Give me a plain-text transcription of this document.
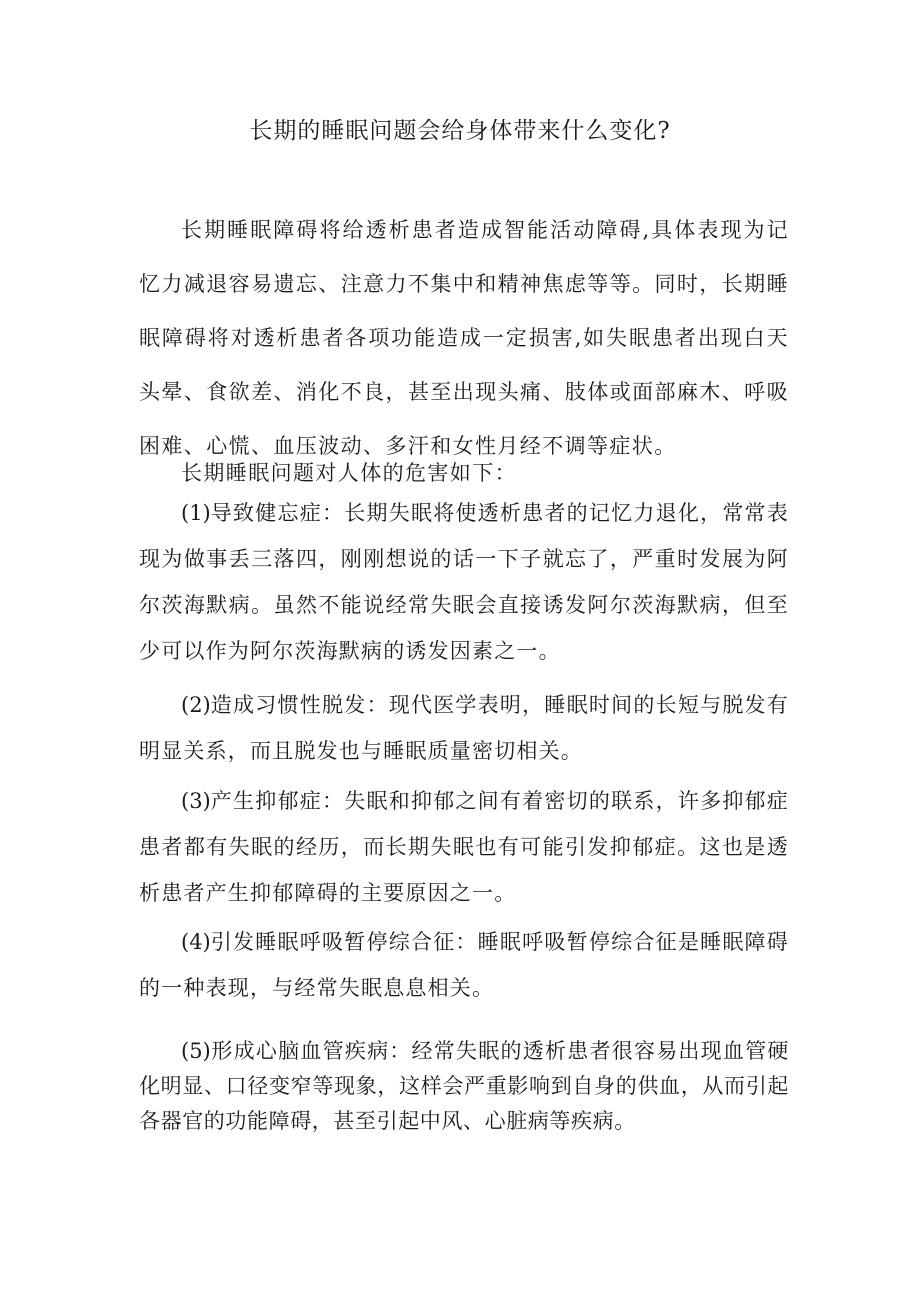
长期的睡眠问题会给身体带来什么变化?

长期睡眠障碍将给透析患者造成智能活动障碍,具体表现为记忆力减退容易遗忘、注意力不集中和精神焦虑等等。同时，长期睡眠障碍将对透析患者各项功能造成一定损害,如失眠患者出现白天头晕、食欲差、消化不良，甚至出现头痛、肢体或面部麻木、呼吸困难、心慌、血压波动、多汗和女性月经不调等症状。

长期睡眠问题对人体的危害如下：

(1)导致健忘症：长期失眠将使透析患者的记忆力退化，常常表现为做事丢三落四，刚刚想说的话一下子就忘了，严重时发展为阿尔茨海默病。虽然不能说经常失眠会直接诱发阿尔茨海默病，但至少可以作为阿尔茨海默病的诱发因素之一。

(2)造成习惯性脱发：现代医学表明，睡眠时间的长短与脱发有明显关系，而且脱发也与睡眠质量密切相关。

(3)产生抑郁症：失眠和抑郁之间有着密切的联系，许多抑郁症患者都有失眠的经历，而长期失眠也有可能引发抑郁症。这也是透析患者产生抑郁障碍的主要原因之一。

(4)引发睡眠呼吸暂停综合征：睡眠呼吸暂停综合征是睡眠障碍的一种表现，与经常失眠息息相关。

(5)形成心脑血管疾病：经常失眠的透析患者很容易出现血管硬化明显、口径变窄等现象，这样会严重影响到自身的供血，从而引起各器官的功能障碍，甚至引起中风、心脏病等疾病。
